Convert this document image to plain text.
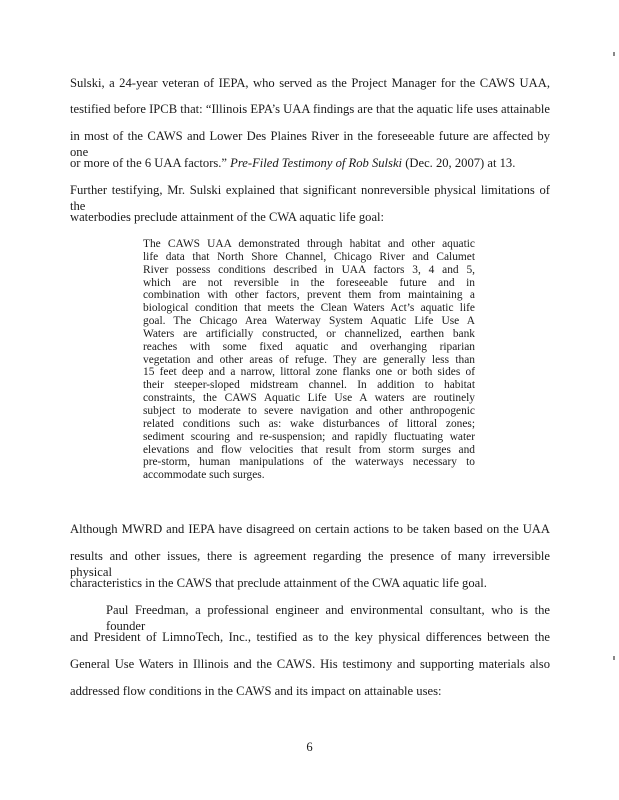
Sulski, a 24-year veteran of IEPA, who served as the Project Manager for the CAWS UAA,
testified before IPCB that: “Illinois EPA’s UAA findings are that the aquatic life uses attainable
in most of the CAWS and Lower Des Plaines River in the foreseeable future are affected by one
or more of the 6 UAA factors.” Pre-Filed Testimony of Rob Sulski (Dec. 20, 2007) at 13.
Further testifying, Mr. Sulski explained that significant nonreversible physical limitations of the
waterbodies preclude attainment of the CWA aquatic life goal:
The CAWS UAA demonstrated through habitat and other aquatic
life data that North Shore Channel, Chicago River and Calumet
River possess conditions described in UAA factors 3, 4 and 5,
which are not reversible in the foreseeable future and in
combination with other factors, prevent them from maintaining a
biological condition that meets the Clean Waters Act’s aquatic life
goal. The Chicago Area Waterway System Aquatic Life Use A
Waters are artificially constructed, or channelized, earthen bank
reaches with some fixed aquatic and overhanging riparian
vegetation and other areas of refuge. They are generally less than
15 feet deep and a narrow, littoral zone flanks one or both sides of
their steeper-sloped midstream channel. In addition to habitat
constraints, the CAWS Aquatic Life Use A waters are routinely
subject to moderate to severe navigation and other anthropogenic
related conditions such as: wake disturbances of littoral zones;
sediment scouring and re-suspension; and rapidly fluctuating water
elevations and flow velocities that result from storm surges and
pre-storm, human manipulations of the waterways necessary to
accommodate such surges.
Although MWRD and IEPA have disagreed on certain actions to be taken based on the UAA
results and other issues, there is agreement regarding the presence of many irreversible physical
characteristics in the CAWS that preclude attainment of the CWA aquatic life goal.
Paul Freedman, a professional engineer and environmental consultant, who is the founder
and President of LimnoTech, Inc., testified as to the key physical differences between the
General Use Waters in Illinois and the CAWS. His testimony and supporting materials also
addressed flow conditions in the CAWS and its impact on attainable uses:
6
